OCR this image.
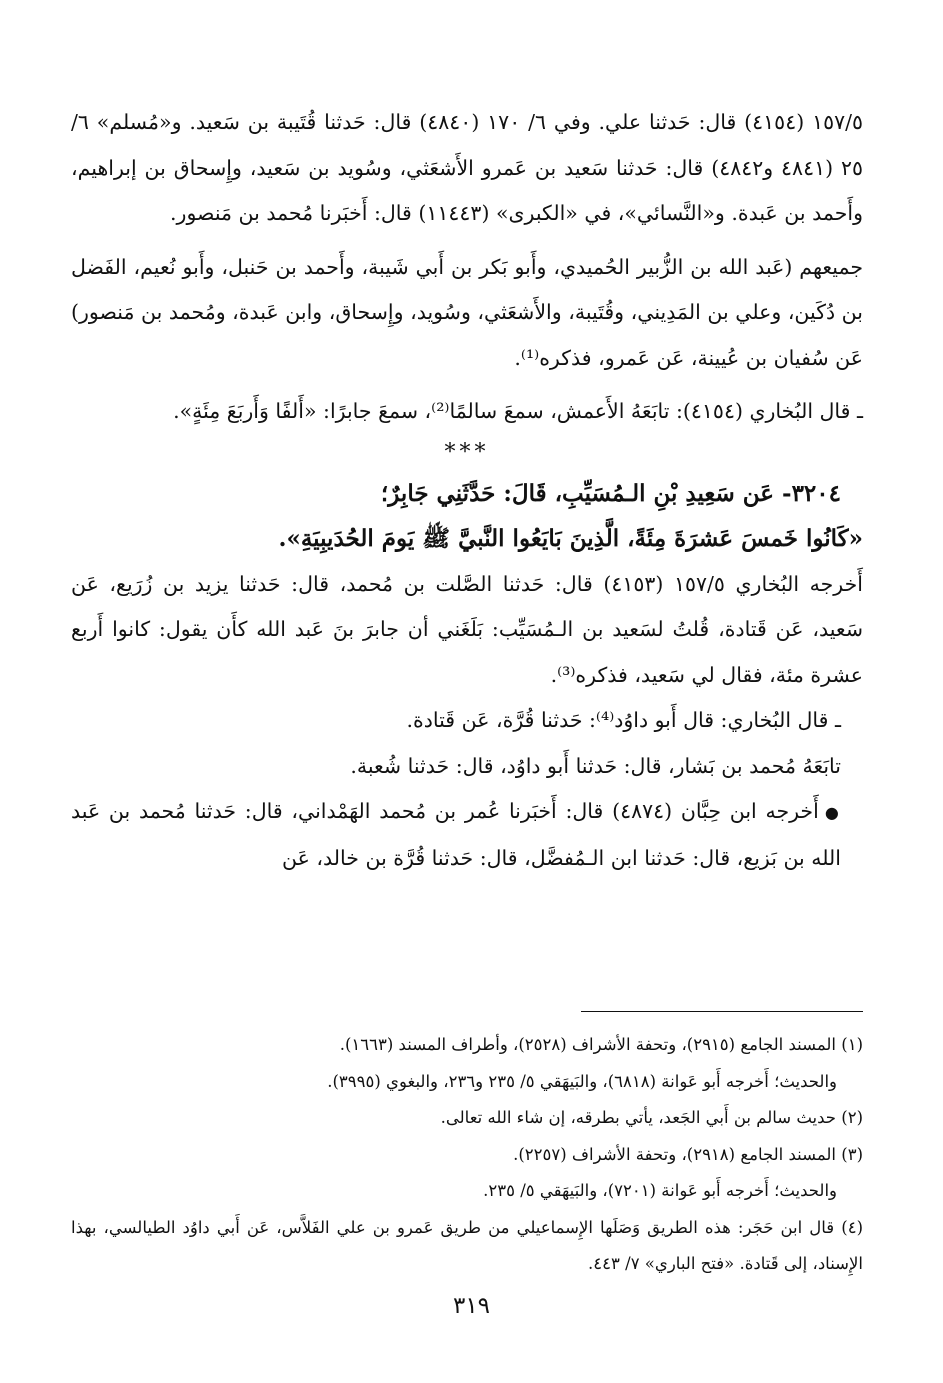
١٥٧/٥ (٤١٥٤) قال: حَدثنا علي. وفي ٦/ ١٧٠ (٤٨٤٠) قال: حَدثنا قُتَيبة بن سَعيد. و«مُسلم» ٦/ ٢٥ (٤٨٤١ و٤٨٤٢) قال: حَدثنا سَعيد بن عَمرو الأَشعَثي، وسُويد بن سَعيد، وإِسحاق بن إبراهيم، وأَحمد بن عَبدة. و«النَّسائي»، في «الكبرى» (١١٤٤٣) قال: أَخبَرنا مُحمد بن مَنصور.

جميعهم (عَبد الله بن الزُّبير الحُميدي، وأَبو بَكر بن أَبي شَيبة، وأَحمد بن حَنبل، وأَبو نُعيم، الفَضل بن دُكَين، وعلي بن المَدِيني، وقُتَيبة، والأَشعَثي، وسُويد، وإِسحاق، وابن عَبدة، ومُحمد بن مَنصور) عَن سُفيان بن عُيينة، عَن عَمرو، فذكره⁽¹⁾.

ـ قال البُخاري (٤١٥٤): تابَعَهُ الأَعمش، سمعَ سالمًا⁽²⁾، سمعَ جابرًا: «أَلفًا وَأَربَعَ مِئَةٍ».

***

٣٢٠٤- عَن سَعِيدِ بْنِ الـمُسَيِّبِ، قَالَ: حَدَّثَنِي جَابِرٌ؛

«كَانُوا خَمسَ عَشرَةَ مِئَةً، الَّذِينَ بَايَعُوا النَّبيَّ ﷺ يَومَ الحُدَيبِيَةِ».

أَخرجه البُخاري ١٥٧/٥ (٤١٥٣) قال: حَدثنا الصَّلت بن مُحمد، قال: حَدثنا يزيد بن زُرَيع، عَن سَعيد، عَن قَتادة، قُلتُ لسَعيد بن الـمُسَيِّب: بَلَغَني أن جابرَ بنَ عَبد الله كأَن يقول: كانوا أَربع عشرة مئة، فقال لي سَعيد، فذكره⁽³⁾.

ـ قال البُخاري: قال أَبو داوُد⁽⁴⁾: حَدثنا قُرَّة، عَن قَتادة.

تابَعَهُ مُحمد بن بَشار، قال: حَدثنا أَبو داوُد، قال: حَدثنا شُعبة.

●أَخرجه ابن حِبَّان (٤٨٧٤) قال: أَخبَرنا عُمر بن مُحمد الهَمْداني، قال: حَدثنا مُحمد بن عَبد الله بن بَزيع، قال: حَدثنا ابن الـمُفضَّل، قال: حَدثنا قُرَّة بن خالد، عَن

(١) المسند الجامع (٢٩١٥)، وتحفة الأشراف (٢٥٢٨)، وأطراف المسند (١٦٦٣).

والحديث؛ أَخرجه أَبو عَوانة (٦٨١٨)، والبَيهَقي ٥/ ٢٣٥ و٢٣٦، والبغوي (٣٩٩٥).

(٢) حديث سالم بن أَبي الجَعد، يأتي بطرقه، إن شاء الله تعالى.

(٣) المسند الجامع (٢٩١٨)، وتحفة الأشراف (٢٢٥٧).

والحديث؛ أَخرجه أَبو عَوانة (٧٢٠١)، والبَيهَقي ٥/ ٢٣٥.

(٤) قال ابن حَجَر: هذه الطريق وَصَلَها الإِسماعيلي من طريق عَمرو بن علي الفَلاَّس، عَن أَبي داوُد الطيالسي، بهذا الإِسناد، إلى قَتادة. «فتح الباري» ٧/ ٤٤٣.

٣١٩
